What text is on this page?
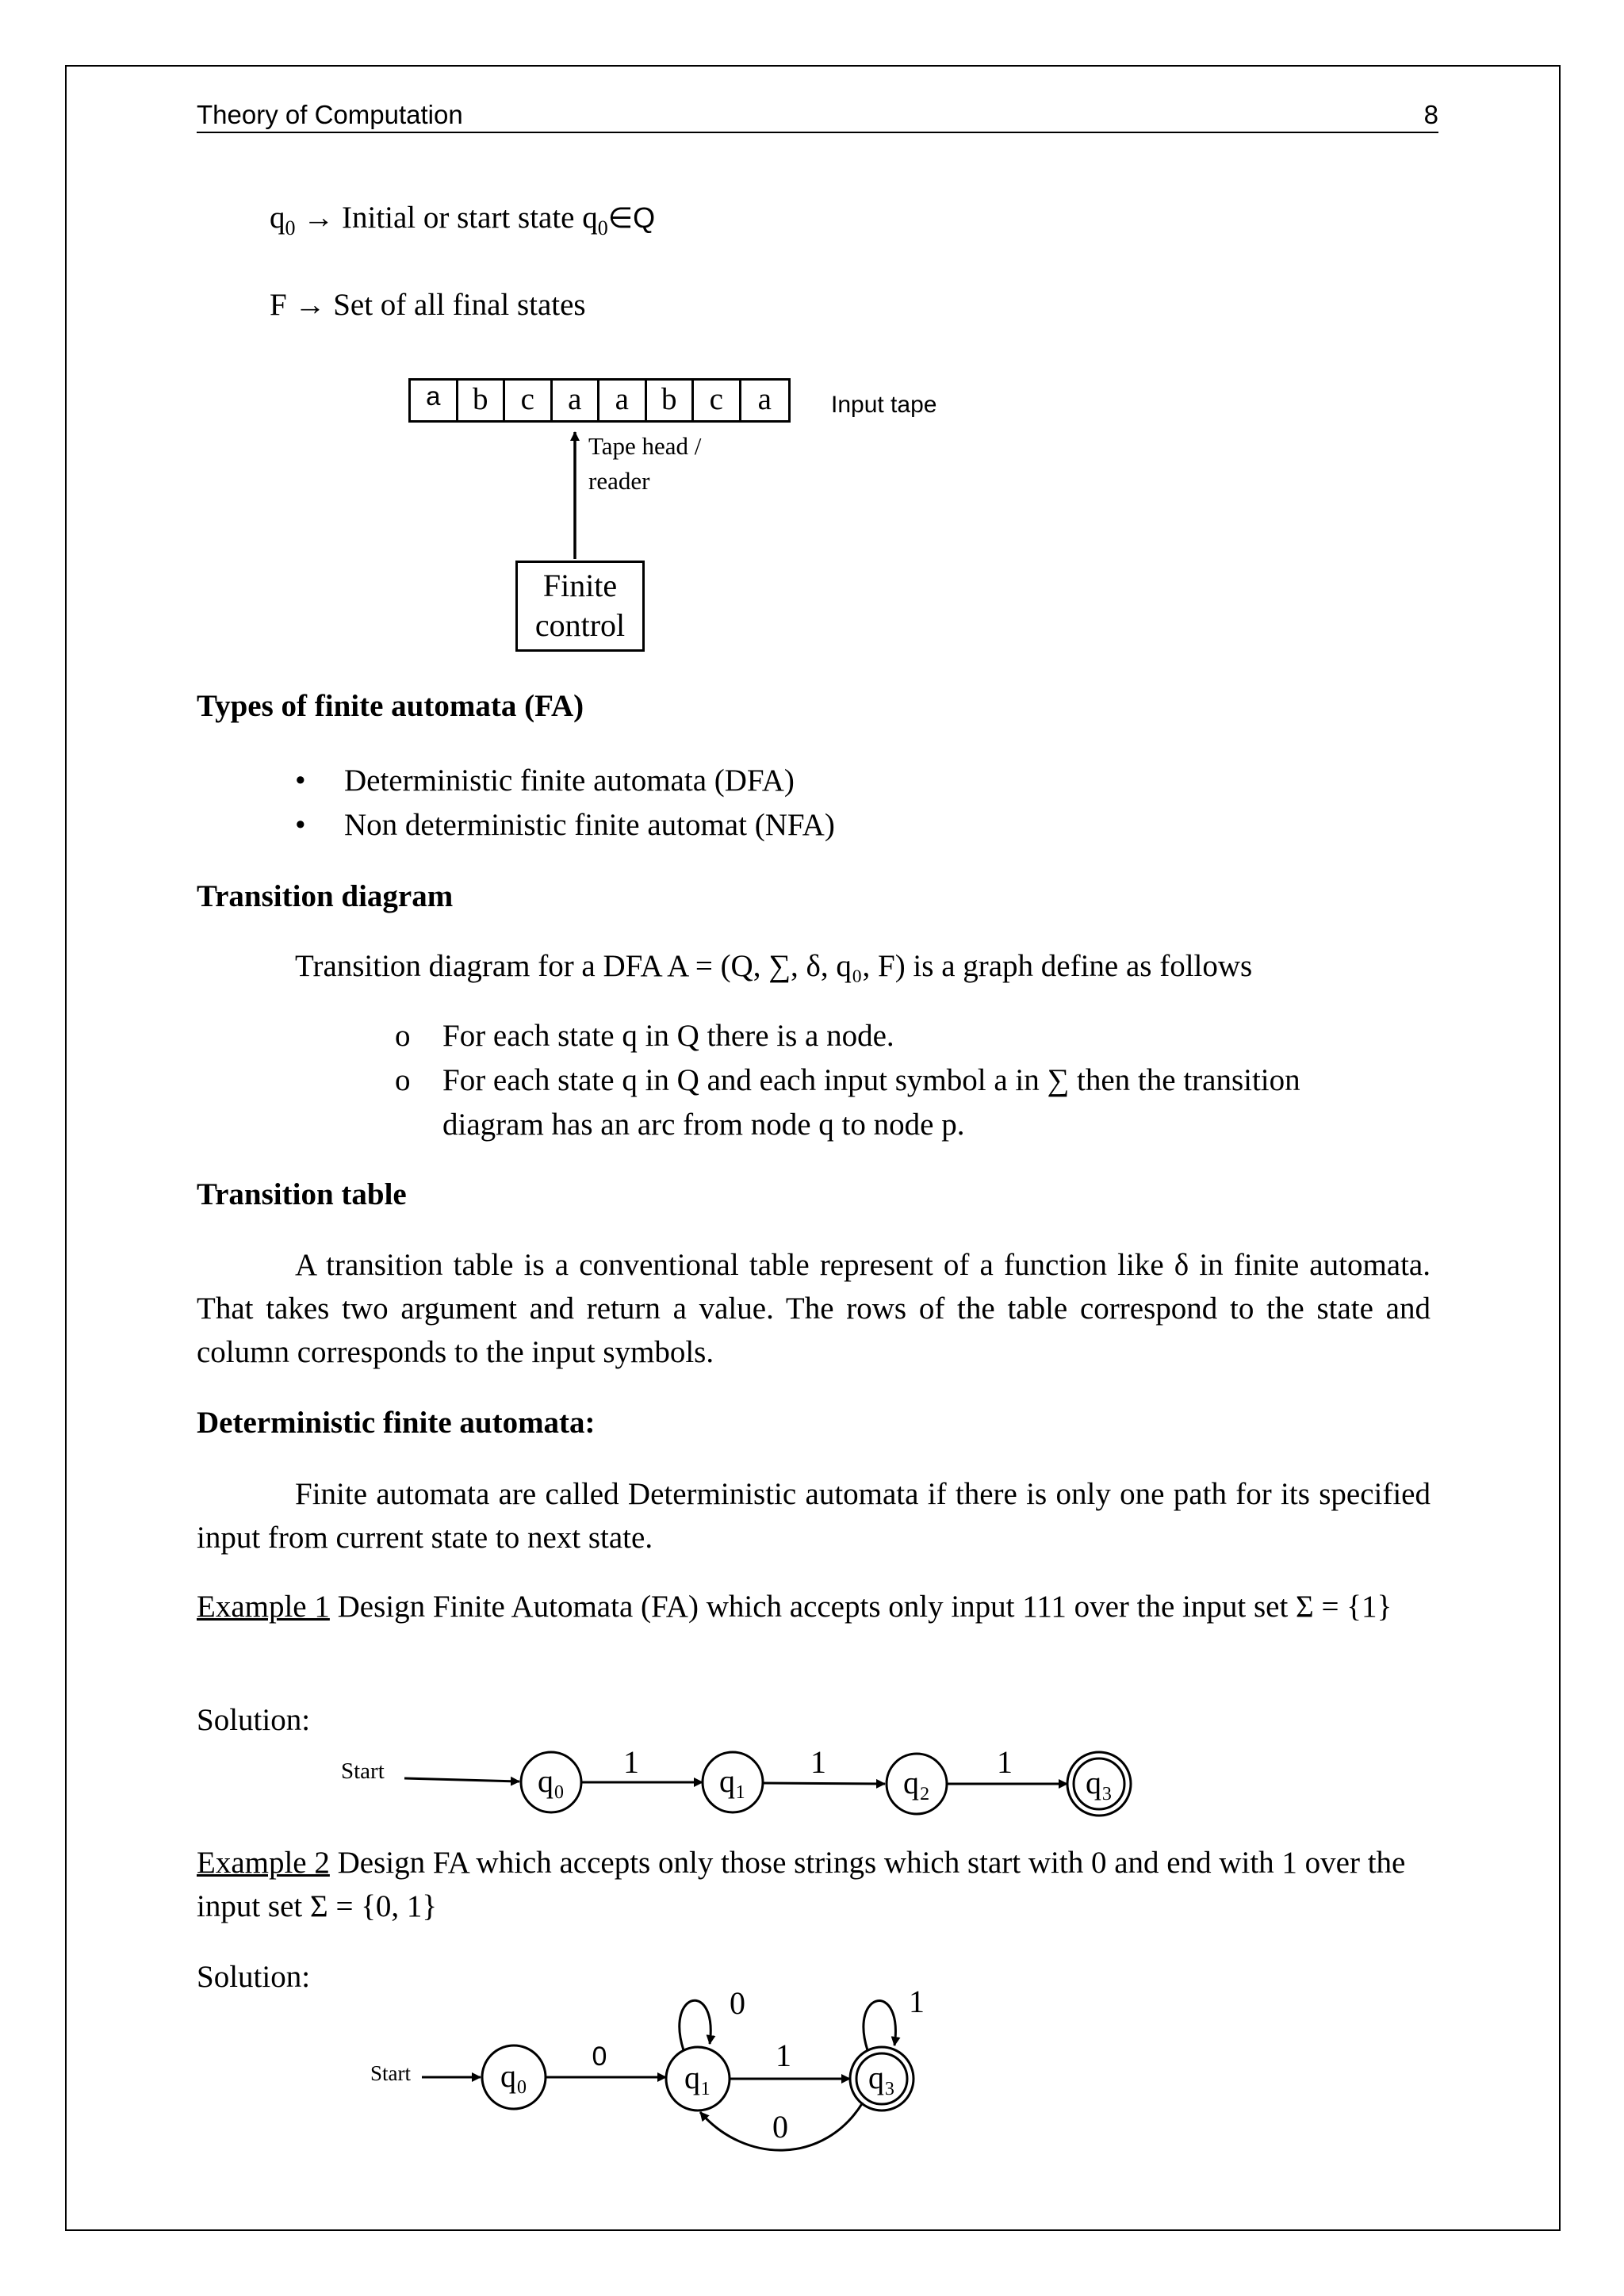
Theory of Computation	8
$q_0$ → Initial or start state $q_0\in Q$
F → Set of all final states
a	b	c	a	a	b	c	a	Input tape
Tape head /
reader
Finite
control
Types of finite automata (FA)
• Deterministic finite automata (DFA)
• Non deterministic finite automat (NFA)
Transition diagram
Transition diagram for a DFA A = (Q, ∑, δ, q₀, F) is a graph define as follows
o For each state q in Q there is a node.
o For each state q in Q and each input symbol a in ∑ then the transition
diagram has an arc from node q to node p.
Transition table
A transition table is a conventional table represent of a function like δ in finite automata. That takes two argument and return a value. The rows of the table correspond to the state and column corresponds to the input symbols.
Deterministic finite automata:
Finite automata are called Deterministic automata if there is only one path for its specified input from current state to next state.
Example 1 Design Finite Automata (FA) which accepts only input 111 over the input set Σ = {1}
Solution:
Example 2 Design FA which accepts only those strings which start with 0 and end with 1 over the input set Σ = {0, 1}
Solution:
Start	q₀
1
q₁
1
q₂
1
q₃
Start	q₀
0
q₁
0
1
q₃
1
0
